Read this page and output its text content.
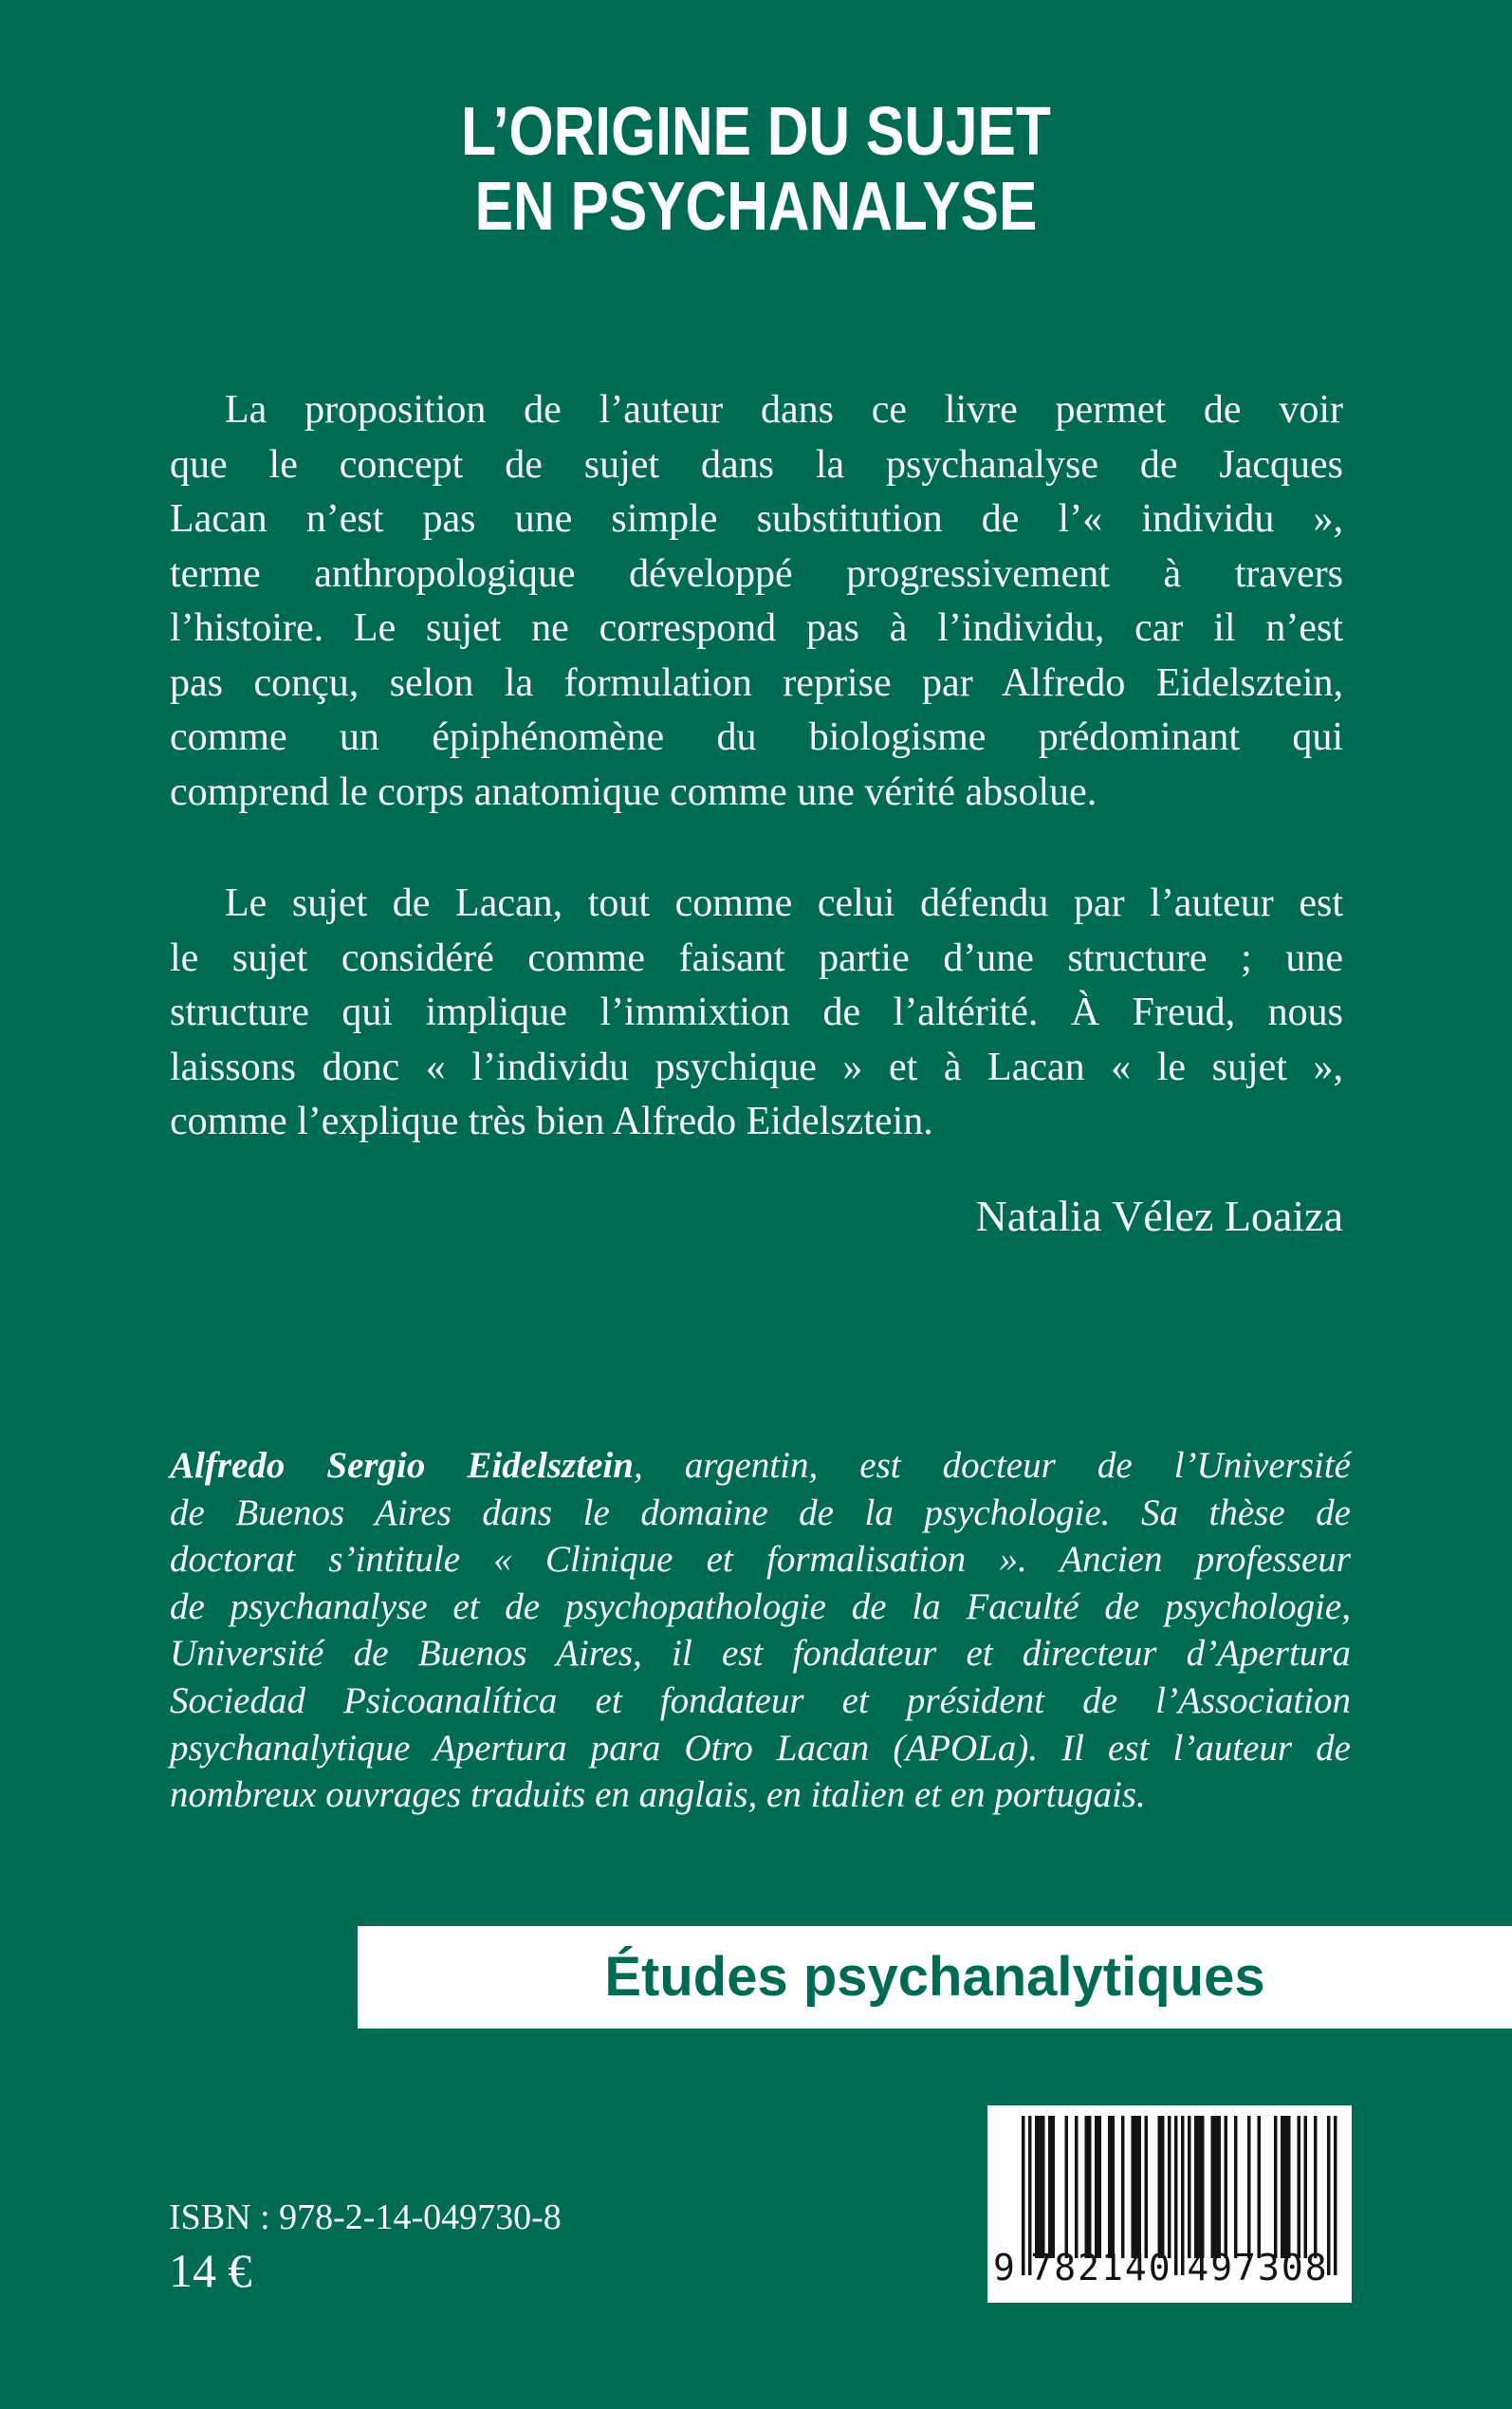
L’ORIGINE DU SUJET
EN PSYCHANALYSE
La proposition de l’auteur dans ce livre permet de voir
que le concept de sujet dans la psychanalyse de Jacques
Lacan n’est pas une simple substitution de l’« individu »,
terme anthropologique développé progressivement à travers
l’histoire. Le sujet ne correspond pas à l’individu, car il n’est
pas conçu, selon la formulation reprise par Alfredo Eidelsztein,
comme un épiphénomène du biologisme prédominant qui
comprend le corps anatomique comme une vérité absolue.
Le sujet de Lacan, tout comme celui défendu par l’auteur est
le sujet considéré comme faisant partie d’une structure ; une
structure qui implique l’immixtion de l’altérité. À Freud, nous
laissons donc « l’individu psychique » et à Lacan « le sujet »,
comme l’explique très bien Alfredo Eidelsztein.
Natalia Vélez Loaiza
Alfredo Sergio Eidelsztein, argentin, est docteur de l’Université
de Buenos Aires dans le domaine de la psychologie. Sa thèse de
doctorat s’intitule « Clinique et formalisation ». Ancien professeur
de psychanalyse et de psychopathologie de la Faculté de psychologie,
Université de Buenos Aires, il est fondateur et directeur d’Apertura
Sociedad Psicoanalítica et fondateur et président de l’Association
psychanalytique Apertura para Otro Lacan (APOLa). Il est l’auteur de
nombreux ouvrages traduits en anglais, en italien et en portugais.
Études psychanalytiques
9 782140 497308
ISBN : 978-2-14-049730-8
14 €
